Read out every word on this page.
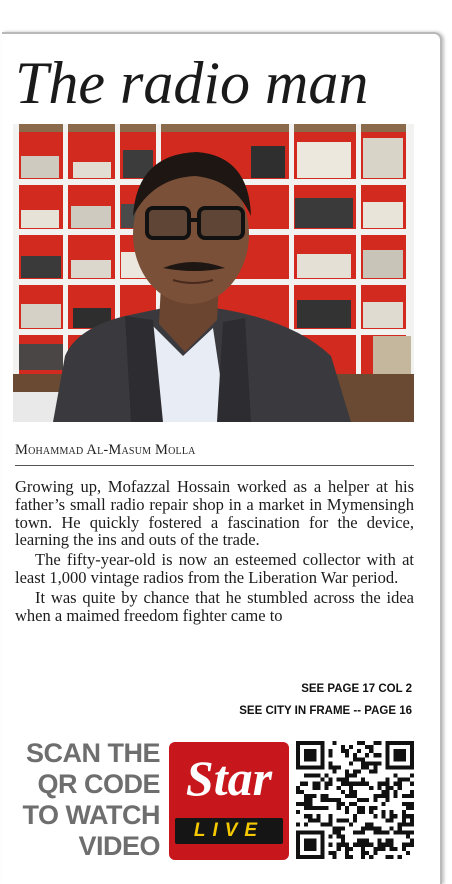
The radio man
Mohammad Al-Masum Molla

Growing up, Mofazzal Hossain worked as a helper at his father’s small radio repair shop in a market in Mymensingh town. He quickly fostered a fascination for the device, learning the ins and outs of the trade.

The fifty-year-old is now an esteemed collector with at least 1,000 vintage radios from the Liberation War period.

It was quite by chance that he stumbled across the idea when a maimed freedom fighter came to

SEE PAGE 17 COL 2
SEE CITY IN FRAME -- PAGE 16
SCAN THE
QR CODE
TO WATCH
VIDEO
Star
LIVE
